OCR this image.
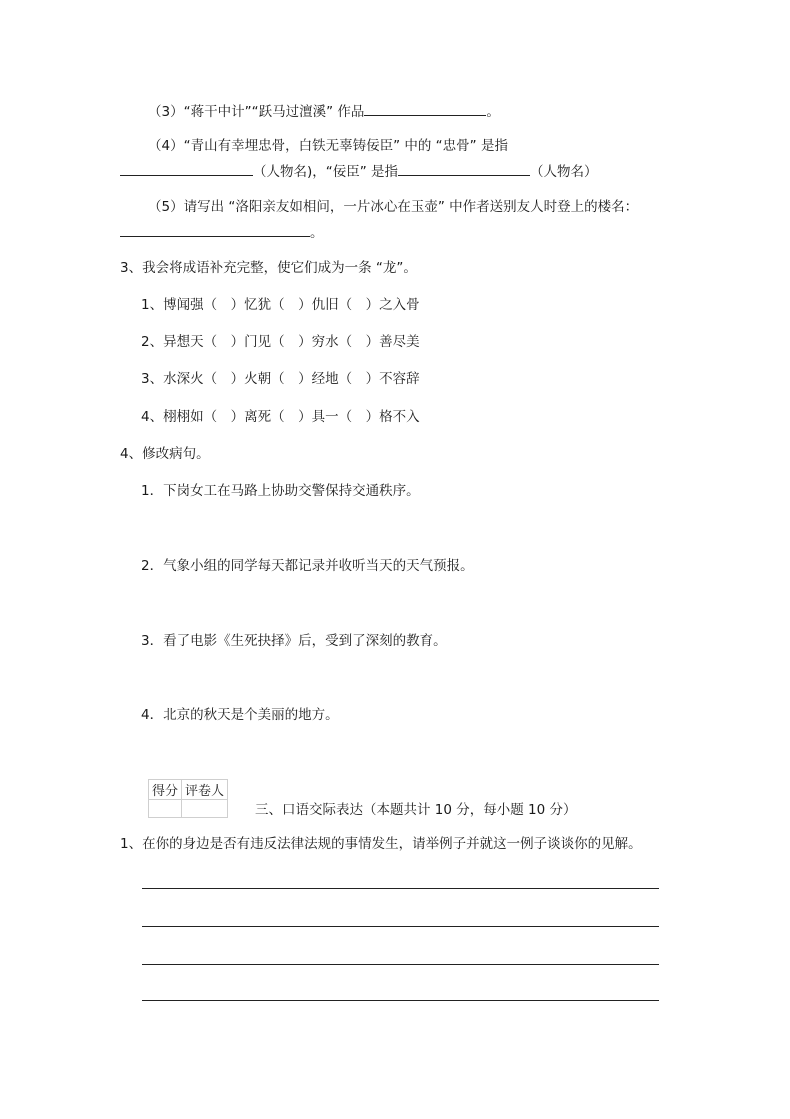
（3）“蒋干中计”“跃马过澶溪” 作品	。
（4）“青山有幸埋忠骨，白铁无辜铸佞臣” 中的 “忠骨” 是指
（人物名)，“佞臣” 是指	（人物名）
（5）请写出 “洛阳亲友如相问，一片冰心在玉壶” 中作者送别友人时登上的楼名：
。
3、我会将成语补充完整，使它们成为一条 “龙”。
1、博闻强（　）忆犹（　）仇旧（　）之入骨
2、异想天（　）门见（　）穷水（　）善尽美
3、水深火（　）火朝（　）经地（　）不容辞
4、栩栩如（　）离死（　）具一（　）格不入
4、修改病句。
1．下岗女工在马路上协助交警保持交通秩序。
2．气象小组的同学每天都记录并收听当天的天气预报。
3．看了电影《生死抉择》后，受到了深刻的教育。
4．北京的秋天是个美丽的地方。
得分	评卷人

三、口语交际表达（本题共计 10 分，每小题 10 分）
1、在你的身边是否有违反法律法规的事情发生，请举例子并就这一例子谈谈你的见解。
